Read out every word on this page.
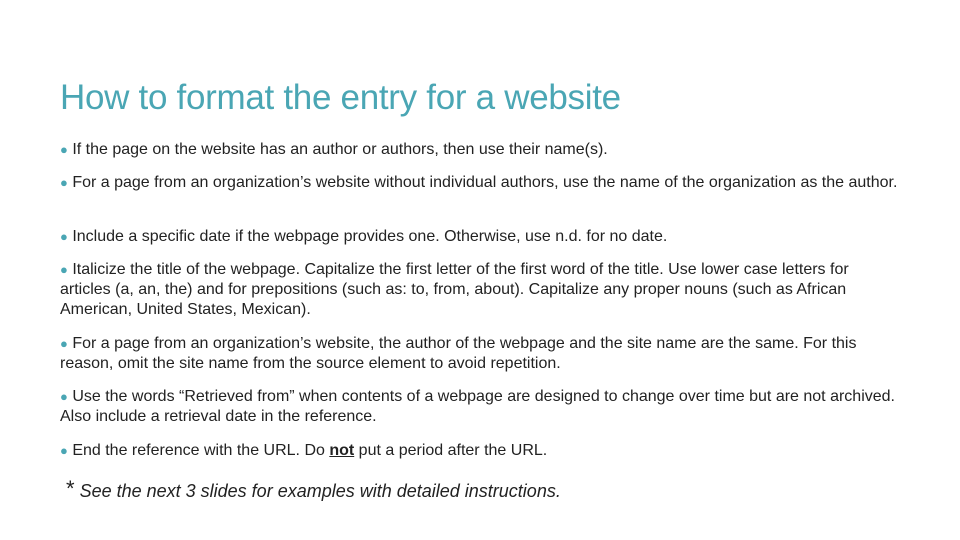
How to format the entry for a website
● If the page on the website has an author or authors, then use their name(s).
● For a page from an organization’s website without individual authors, use the name of the organization as the author.
● Include a specific date if the webpage provides one. Otherwise, use n.d. for no date.
● Italicize the title of the webpage. Capitalize the first letter of the first word of the title. Use lower case letters for articles (a, an, the) and for prepositions (such as: to, from, about). Capitalize any proper nouns (such as African American, United States, Mexican).
● For a page from an organization’s website, the author of the webpage and the site name are the same. For this reason, omit the site name from the source element to avoid repetition.
● Use the words “Retrieved from” when contents of a webpage are designed to change over time but are not archived. Also include a retrieval date in the reference.
● End the reference with the URL. Do not put a period after the URL.
* See the next 3 slides for examples with detailed instructions.
